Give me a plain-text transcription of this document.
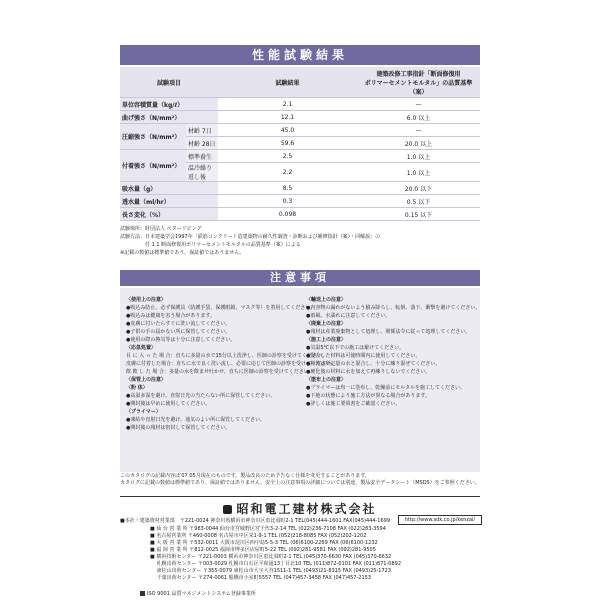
性能試験結果
試験項目		試験結果	建築改修工事指針「断面修復用
ポリマーセメントモルタル」の品質基準（案）

単位容積質量（kg/ℓ）		2.1	—
曲げ強さ（N/mm²）		12.1	6.0 以上
圧縮強さ（N/mm²）	材齢 7日	45.0	—
	材齢 28日	59.6	20.0 以上
付着強さ（N/mm²）	標準養生	2.5	1.0 以上
	温冷繰り返し後	2.2	1.0 以上
吸水量（g）		8.5	20.0 以下
透水量（ml/hr）		0.3	0.5 以下
長さ変化（%）		0.098	0.15 以下
試験場所：財団法人 ベターリビング
試験方法：日本建築学会1997年「鉄筋コンクリート造建築物の耐久性調査・診断および補修指針（案）・同解説」の
　　　　　付 1.1 断面修復用ポリマーセメントモルタルの品質基準（案）による
※記載の数値は標準値であり、保証値ではありません。
注意事項
〈使用上の注意〉
●吸込み防止、必ず保護具（防護手袋、保護眼鏡、マスク等）を着用してください。
●吸込みは健康を害う場合があります。
●皮膚に付いたらすぐに洗い流してください。
●子供の手の届かない所に保管してください。
●使用の際の換気等は十分に注意してください。
〈応急処置〉
目 に 入 っ た 場 合：直ちに多量の水で15分以上洗浄し、医師の診察を受けてください。
皮膚に付着した場合：直ちに水で良く洗い流し、必要に応じて医師の診察を受けてください。
飲 飲 し た 場 合：多量の水を飲ませ吐かせ、直ちに医師の診察を受けてください。
〈保管上の注意〉
〈粉 体〉
●高温多湿を避け、直射日光の当たらない所に保管してください。
●開封後は早めに使用してください。
〈プライマー〉
●凍結や直射日光を避け、通気のよい所に保管してください。
●開封後の残材は密封して保管してください。
〈輸送上の注意〉
●内容物の漏れがないよう積み降ろし、転倒、落下、衝撃を避けてください。
●雨風、水濡れに注意してください。
〈廃棄上の注意〉
●残材は産業廃棄物として処理し、関係法令に従って処理してください。
〈施工上の注意〉
●気温5℃以下での施工は避けてください。
●混合した材料は可使時間内に使用してください。
●粉体は所定量の水と混合し、十分に練り混ぜてください。
●硬化後の材料に水を加えて再練りしないでください。
〈塗布上の注意〉
●プライマーは均一に塗布し、乾燥前にモルタルを施工してください。
●下地の状態により施工方法が異なる場合があります。
●詳しくは施工要領書をご確認ください。
このカタログの記載内容は'07.05月現在のものです。製品改良のため予告なく仕様を変更することがあります。
カタログに記載の数値は標準値であり、保証値ではありません。安全上の注意事項の詳細については別途、製品安全データシート（MSDS）をご参照ください。
昭和電工建材株式会社
■本社・建築資材営業部　〒221-0024 神奈川県横浜市神奈川区恵比須町2-1 TEL(045)444-1601 FAX(045)444-1699	http://www.sdk.co.jp/kenzai/
■ 仙 台 営 業 所 〒983-0044 仙台市宮城野区宮千代3-2-14 TEL (022)236-7108 FAX (022)283-3594
■ 名古屋営業所 〒460-0008 名古屋市中区栄1-9-1 TEL (052)218-8085 FAX (052)202-1202
■ 大 阪 営 業 所 〒532-0011 大阪市淀川区西中島5-5-3 TEL (06)6100-2269 FAX (06)6100-1232
■ 福 岡 営 業 所 〒812-0025 福岡市博多区店屋町5-22 TEL (092)281-9581 FAX (092)281-9505
■ 横浜技術センター 〒221-0003 横浜市神奈川区恵比須町2-1 TEL (045)370-6630 FAX (045)370-6632
　 札幌出荷センター 〒003-0029 札幌市白石区平和通13丁目北10 TEL (011)872-0101 FAX (011)871-0892
　 東松山出荷センター 〒355-0079 東松山市大字大谷1511-1 TEL (0493)21-8315 FAX (0493)25-1723
　 千葉出荷センター 〒274-0061 船橋市小室町5557 TEL (047)457-3458 FAX (047)457-2153
ISO 9001 品質マネジメントシステム登録事業所
